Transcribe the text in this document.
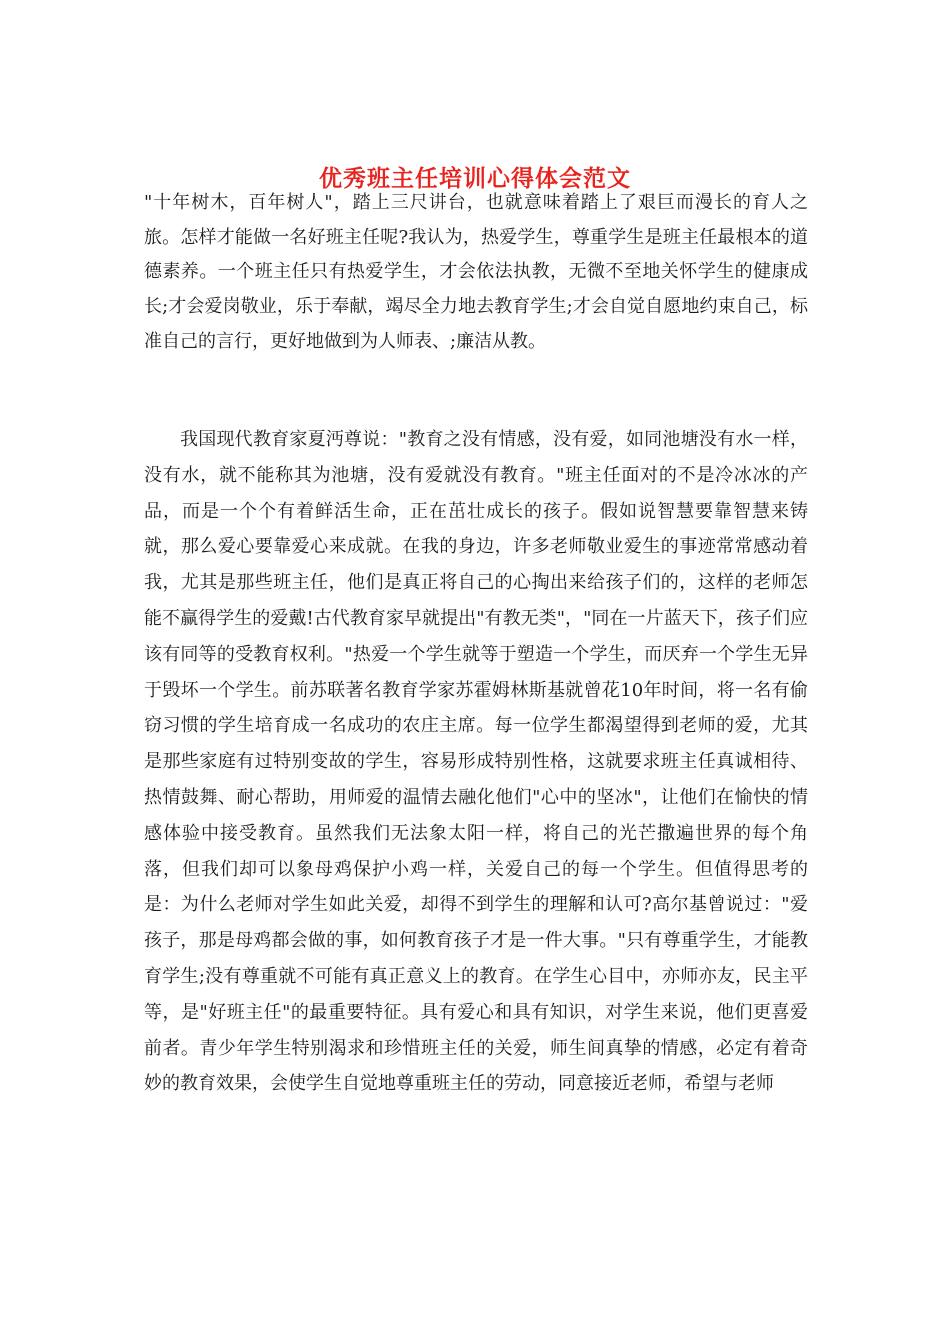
优秀班主任培训心得体会范文

"十年树木，百年树人"，踏上三尺讲台，也就意味着踏上了艰巨而漫长的育人之旅。怎样才能做一名好班主任呢?我认为，热爱学生，尊重学生是班主任最根本的道德素养。一个班主任只有热爱学生，才会依法执教，无微不至地关怀学生的健康成长;才会爱岗敬业，乐于奉献，竭尽全力地去教育学生;才会自觉自愿地约束自己，标准自己的言行，更好地做到为人师表、;廉洁从教。

我国现代教育家夏沔尊说："教育之没有情感，没有爱，如同池塘没有水一样，没有水，就不能称其为池塘，没有爱就没有教育。"班主任面对的不是冷冰冰的产品，而是一个个有着鲜活生命，正在茁壮成长的孩子。假如说智慧要靠智慧来铸就，那么爱心要靠爱心来成就。在我的身边，许多老师敬业爱生的事迹常常感动着我，尤其是那些班主任，他们是真正将自己的心掏出来给孩子们的，这样的老师怎能不赢得学生的爱戴!古代教育家早就提出"有教无类"，"同在一片蓝天下，孩子们应该有同等的受教育权利。"热爱一个学生就等于塑造一个学生，而厌弃一个学生无异于毁坏一个学生。前苏联著名教育学家苏霍姆林斯基就曾花10年时间，将一名有偷窃习惯的学生培育成一名成功的农庄主席。每一位学生都渴望得到老师的爱，尤其是那些家庭有过特别变故的学生，容易形成特别性格，这就要求班主任真诚相待、热情鼓舞、耐心帮助，用师爱的温情去融化他们"心中的坚冰"，让他们在愉快的情感体验中接受教育。虽然我们无法象太阳一样，将自己的光芒撒遍世界的每个角落，但我们却可以象母鸡保护小鸡一样，关爱自己的每一个学生。但值得思考的是：为什么老师对学生如此关爱，却得不到学生的理解和认可?高尔基曾说过："爱孩子，那是母鸡都会做的事，如何教育孩子才是一件大事。"只有尊重学生，才能教育学生;没有尊重就不可能有真正意义上的教育。在学生心目中，亦师亦友，民主平等，是"好班主任"的最重要特征。具有爱心和具有知识，对学生来说，他们更喜爱前者。青少年学生特别渴求和珍惜班主任的关爱，师生间真挚的情感，必定有着奇妙的教育效果，会使学生自觉地尊重班主任的劳动，同意接近老师，希望与老师
